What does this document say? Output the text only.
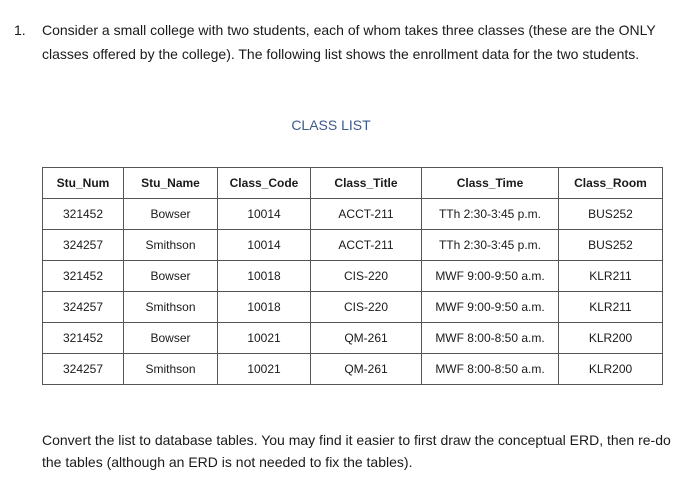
1. Consider a small college with two students, each of whom takes three classes (these are the ONLY classes offered by the college). The following list shows the enrollment data for the two students.
CLASS LIST
Stu_Num	Stu_Name	Class_Code	Class_Title	Class_Time	Class_Room
321452	Bowser	10014	ACCT-211	TTh 2:30-3:45 p.m.	BUS252
324257	Smithson	10014	ACCT-211	TTh 2:30-3:45 p.m.	BUS252
321452	Bowser	10018	CIS-220	MWF 9:00-9:50 a.m.	KLR211
324257	Smithson	10018	CIS-220	MWF 9:00-9:50 a.m.	KLR211
321452	Bowser	10021	QM-261	MWF 8:00-8:50 a.m.	KLR200
324257	Smithson	10021	QM-261	MWF 8:00-8:50 a.m.	KLR200
Convert the list to database tables. You may find it easier to first draw the conceptual ERD, then re-do the tables (although an ERD is not needed to fix the tables).
